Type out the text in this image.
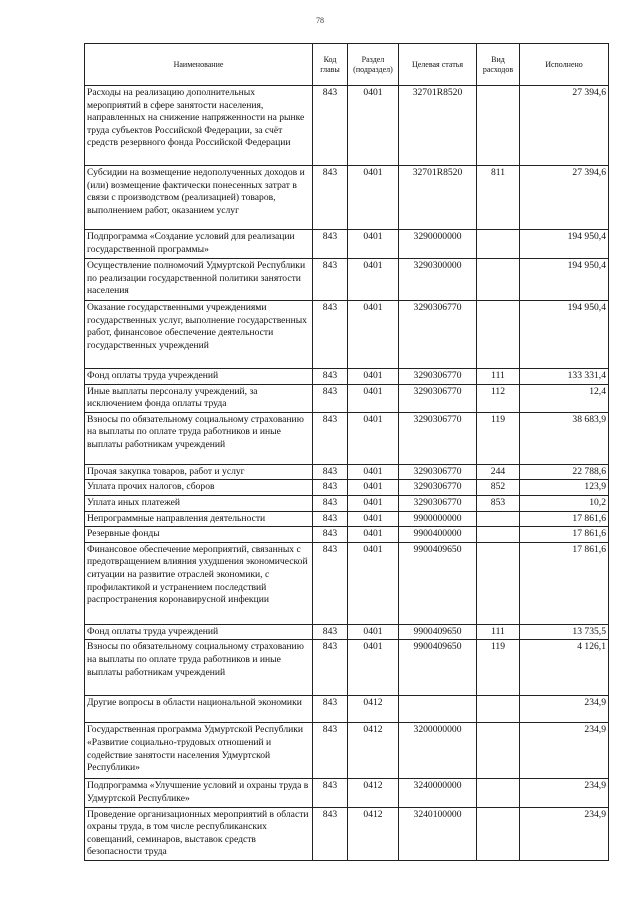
78
Наименование	Код главы	Раздел (подраздел)	Целевая статья	Вид расходов	Исполнено
Расходы на реализацию дополнительных мероприятий в сфере занятости населения, направленных на снижение напряженности на рынке труда субъектов Российской Федерации, за счёт средств резервного фонда Российской Федерации	843	0401	32701R8520		27 394,6
Субсидии на возмещение недополученных доходов и (или) возмещение фактически понесенных затрат в связи с производством (реализацией) товаров, выполнением работ, оказанием услуг	843	0401	32701R8520	811	27 394,6
Подпрограмма «Создание условий для реализации государственной программы»	843	0401	3290000000		194 950,4
Осуществление полномочий Удмуртской Республики по реализации государственной политики занятости населения	843	0401	3290300000		194 950,4
Оказание государственными учреждениями государственных услуг, выполнение государственных работ, финансовое обеспечение деятельности государственных учреждений	843	0401	3290306770		194 950,4
Фонд оплаты труда учреждений	843	0401	3290306770	111	133 331,4
Иные выплаты персоналу учреждений, за исключением фонда оплаты труда	843	0401	3290306770	112	12,4
Взносы по обязательному социальному страхованию на выплаты по оплате труда работников и иные выплаты работникам учреждений	843	0401	3290306770	119	38 683,9
Прочая закупка товаров, работ и услуг	843	0401	3290306770	244	22 788,6
Уплата прочих налогов, сборов	843	0401	3290306770	852	123,9
Уплата иных платежей	843	0401	3290306770	853	10,2
Непрограммные направления деятельности	843	0401	9900000000		17 861,6
Резервные фонды	843	0401	9900400000		17 861,6
Финансовое обеспечение мероприятий, связанных с предотвращением влияния ухудшения экономической ситуации на развитие отраслей экономики, с профилактикой и устранением последствий распространения коронавирусной инфекции	843	0401	9900409650		17 861,6
Фонд оплаты труда учреждений	843	0401	9900409650	111	13 735,5
Взносы по обязательному социальному страхованию на выплаты по оплате труда работников и иные выплаты работникам учреждений	843	0401	9900409650	119	4 126,1
Другие вопросы в области национальной экономики	843	0412			234,9
Государственная программа Удмуртской Республики «Развитие социально-трудовых отношений и содействие занятости населения Удмуртской Республики»	843	0412	3200000000		234,9
Подпрограмма «Улучшение условий и охраны труда в Удмуртской Республике»	843	0412	3240000000		234,9
Проведение организационных мероприятий в области охраны труда, в том числе республиканских совещаний, семинаров, выставок средств безопасности труда	843	0412	3240100000		234,9
